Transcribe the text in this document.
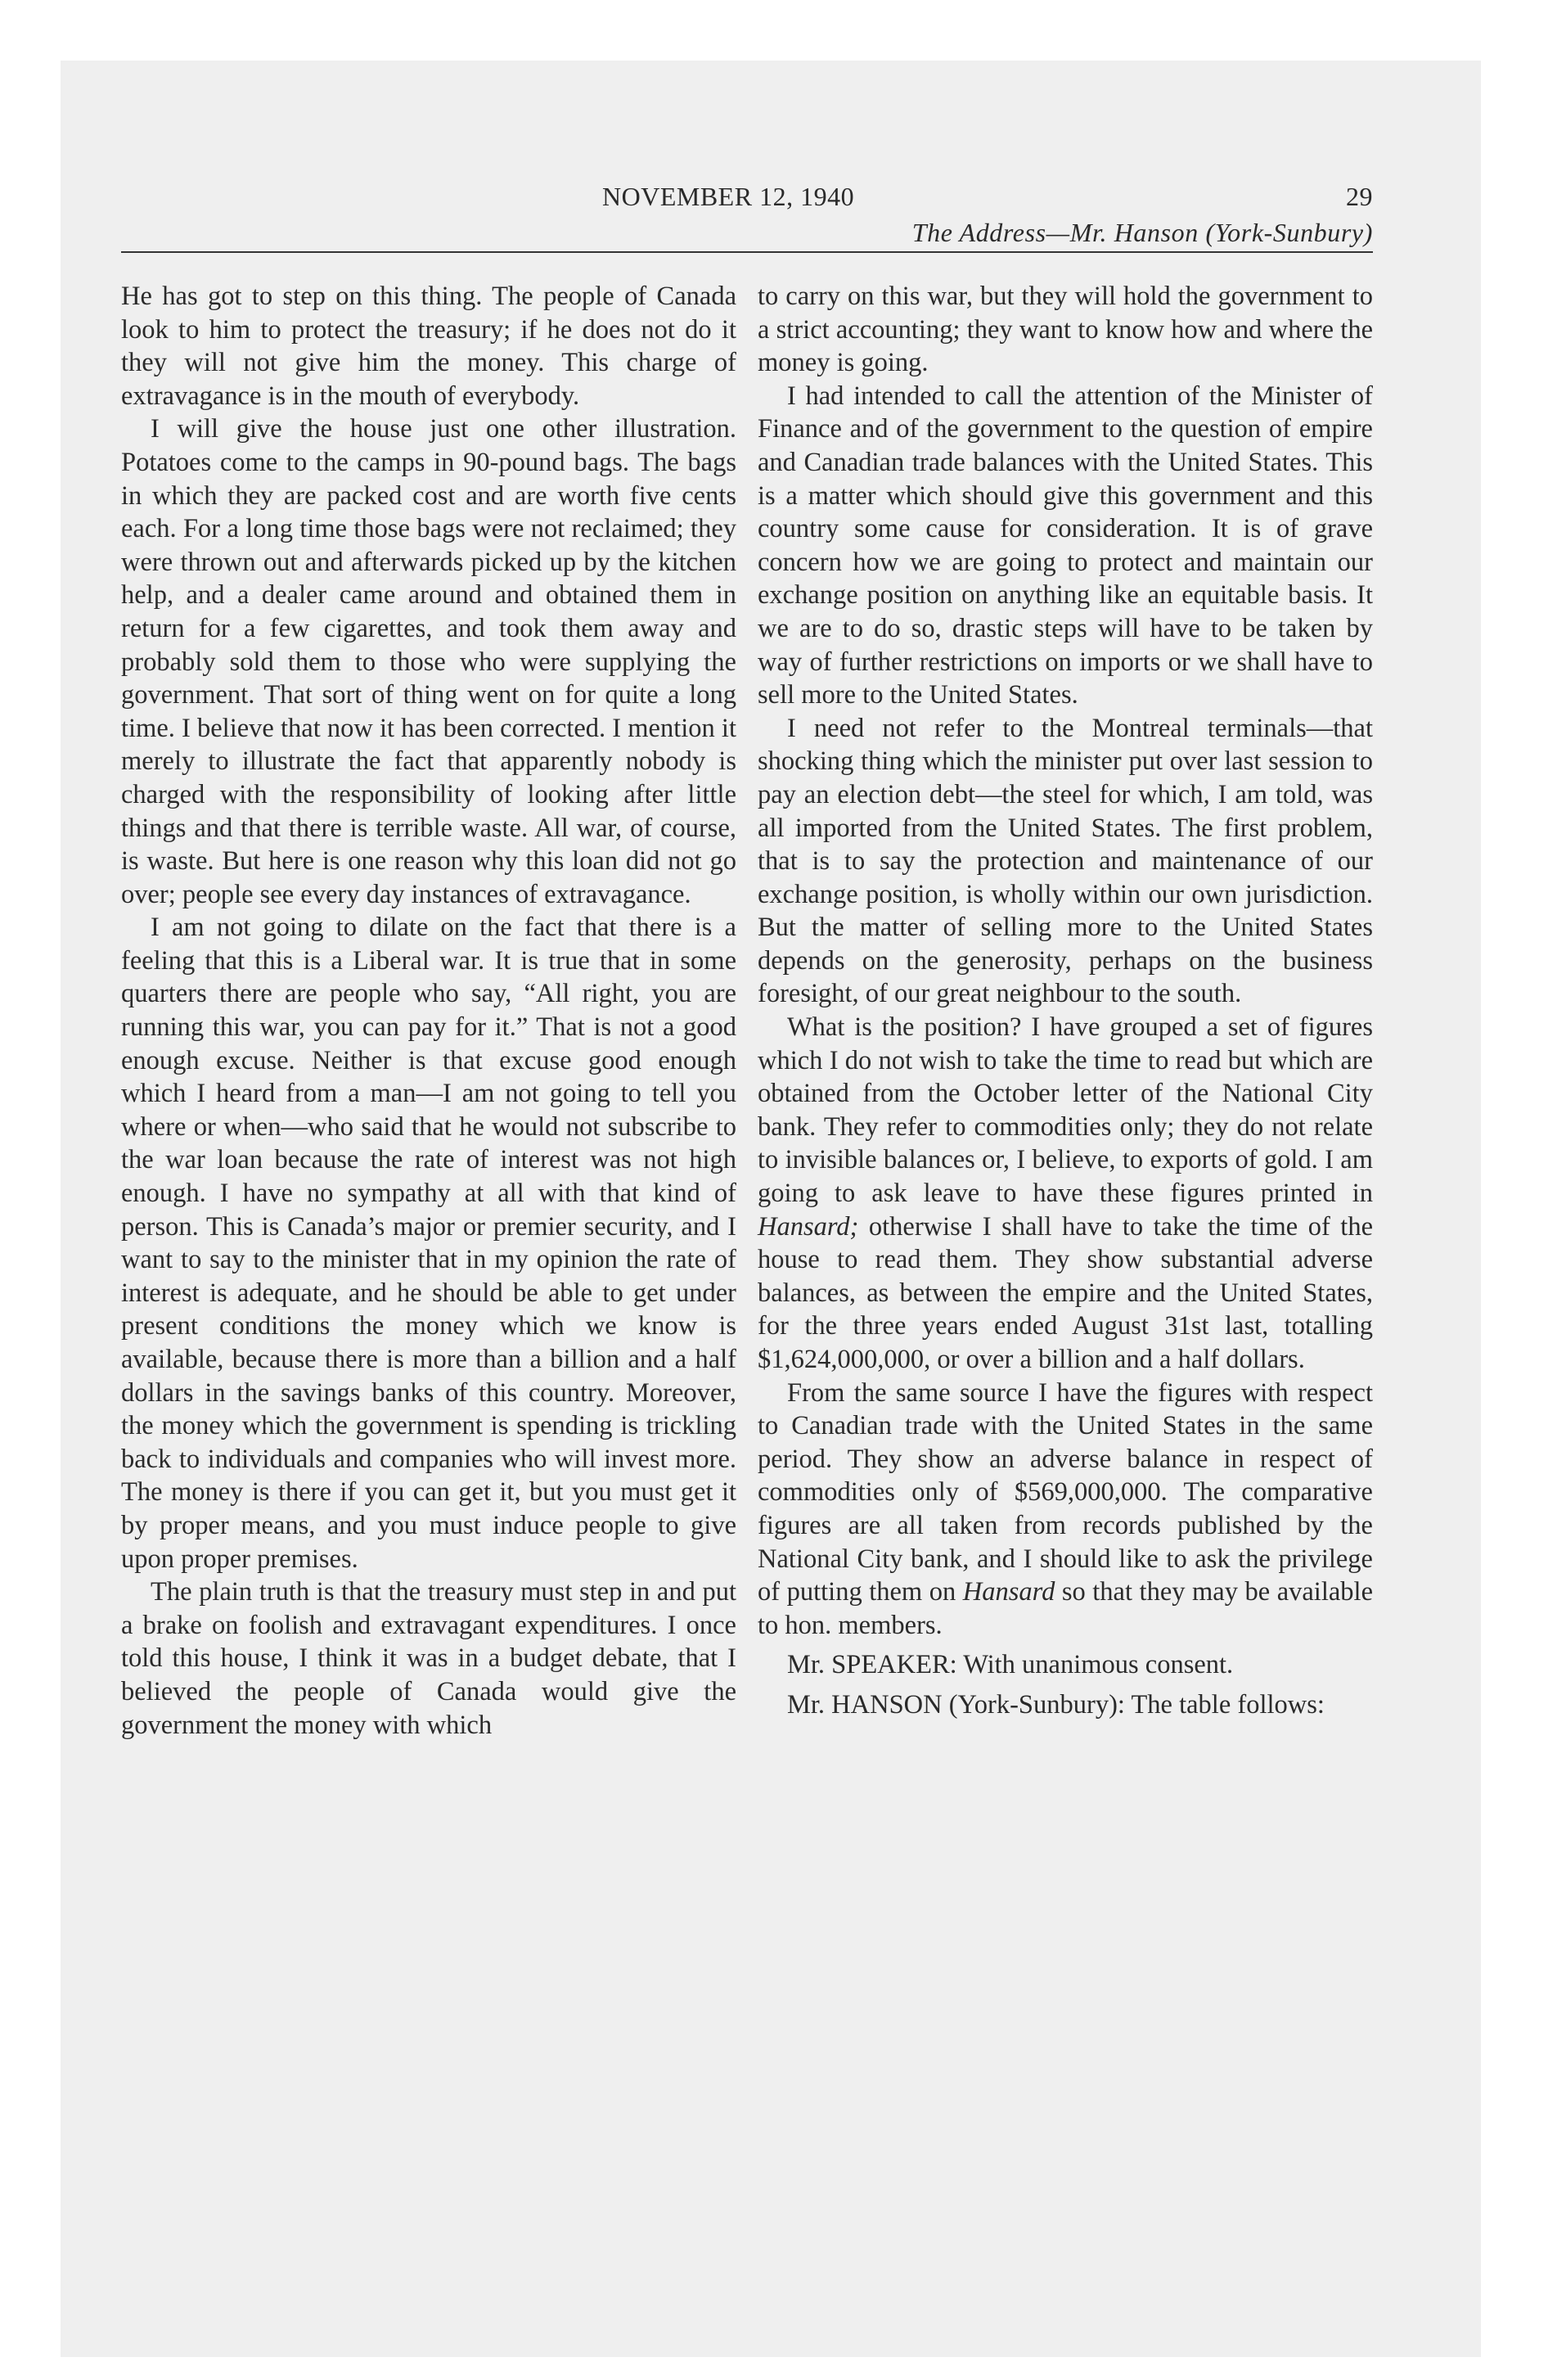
NOVEMBER 12, 1940	29
The Address—Mr. Hanson (York-Sunbury)

He has got to step on this thing. The people of Canada look to him to protect the treasury; if he does not do it they will not give him the money. This charge of extravagance is in the mouth of everybody.

I will give the house just one other illustration. Potatoes come to the camps in 90-pound bags. The bags in which they are packed cost and are worth five cents each. For a long time those bags were not reclaimed; they were thrown out and afterwards picked up by the kitchen help, and a dealer came around and obtained them in return for a few cigarettes, and took them away and probably sold them to those who were supplying the government. That sort of thing went on for quite a long time. I believe that now it has been corrected. I mention it merely to illustrate the fact that apparently nobody is charged with the responsibility of looking after little things and that there is terrible waste. All war, of course, is waste. But here is one reason why this loan did not go over; people see every day instances of extravagance.

I am not going to dilate on the fact that there is a feeling that this is a Liberal war. It is true that in some quarters there are people who say, “All right, you are running this war, you can pay for it.” That is not a good enough excuse. Neither is that excuse good enough which I heard from a man—I am not going to tell you where or when—who said that he would not subscribe to the war loan because the rate of interest was not high enough. I have no sympathy at all with that kind of person. This is Canada’s major or premier security, and I want to say to the minister that in my opinion the rate of interest is adequate, and he should be able to get under present conditions the money which we know is available, because there is more than a billion and a half dollars in the savings banks of this country. Moreover, the money which the government is spending is trickling back to individuals and companies who will invest more. The money is there if you can get it, but you must get it by proper means, and you must induce people to give upon proper premises.

The plain truth is that the treasury must step in and put a brake on foolish and extravagant expenditures. I once told this house, I think it was in a budget debate, that I believed the people of Canada would give the government the money with which

to carry on this war, but they will hold the government to a strict accounting; they want to know how and where the money is going.

I had intended to call the attention of the Minister of Finance and of the government to the question of empire and Canadian trade balances with the United States. This is a matter which should give this government and this country some cause for consideration. It is of grave concern how we are going to protect and maintain our exchange position on anything like an equitable basis. It we are to do so, drastic steps will have to be taken by way of further restrictions on imports or we shall have to sell more to the United States.

I need not refer to the Montreal terminals—that shocking thing which the minister put over last session to pay an election debt—the steel for which, I am told, was all imported from the United States. The first problem, that is to say the protection and maintenance of our exchange position, is wholly within our own jurisdiction. But the matter of selling more to the United States depends on the generosity, perhaps on the business foresight, of our great neighbour to the south.

What is the position? I have grouped a set of figures which I do not wish to take the time to read but which are obtained from the October letter of the National City bank. They refer to commodities only; they do not relate to invisible balances or, I believe, to exports of gold. I am going to ask leave to have these figures printed in Hansard; otherwise I shall have to take the time of the house to read them. They show substantial adverse balances, as between the empire and the United States, for the three years ended August 31st last, totalling $1,624,000,000, or over a billion and a half dollars.

From the same source I have the figures with respect to Canadian trade with the United States in the same period. They show an adverse balance in respect of commodities only of $569,000,000. The comparative figures are all taken from records published by the National City bank, and I should like to ask the privilege of putting them on Hansard so that they may be available to hon. members.

Mr. SPEAKER: With unanimous consent.

Mr. HANSON (York-Sunbury): The table follows:
